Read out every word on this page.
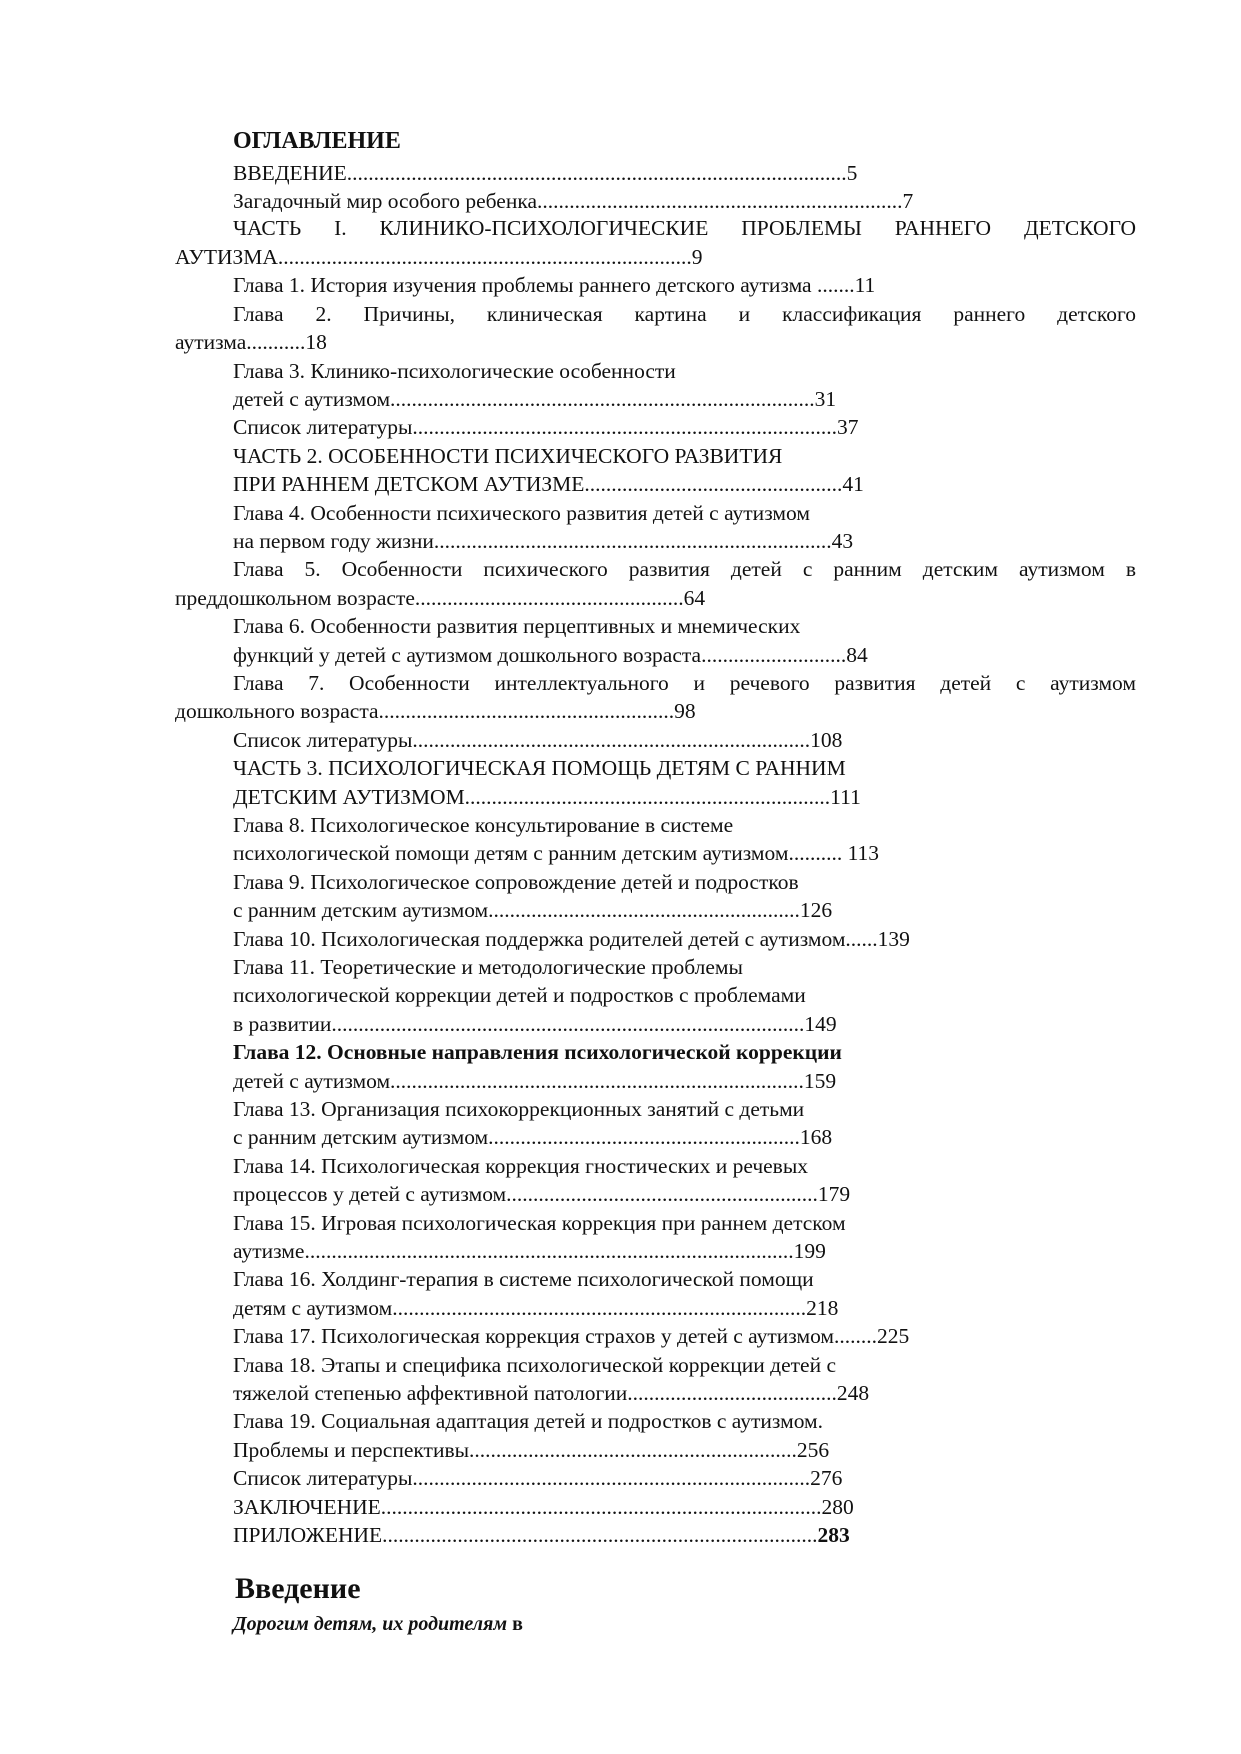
ОГЛАВЛЕНИЕ
ВВЕДЕНИЕ.............................................................................................5
Загадочный мир особого ребенка....................................................................7
ЧАСТЬ I. КЛИНИКО-ПСИХОЛОГИЧЕСКИЕ ПРОБЛЕМЫ РАННЕГО ДЕТСКОГО
АУТИЗМА.............................................................................9
Глава 1. История изучения проблемы раннего детского аутизма .......11
Глава 2. Причины, клиническая картина и классификация раннего детского
аутизма...........18
Глава 3. Клинико-психологические особенности
детей с аутизмом...............................................................................31
Список литературы...............................................................................37
ЧАСТЬ 2. ОСОБЕННОСТИ ПСИХИЧЕСКОГО РАЗВИТИЯ
ПРИ РАННЕМ ДЕТСКОМ АУТИЗМЕ................................................41
Глава 4. Особенности психического развития детей с аутизмом
на первом году жизни..........................................................................43
Глава 5. Особенности психического развития детей с ранним детским аутизмом в
преддошкольном возрасте..................................................64
Глава 6. Особенности развития перцептивных и мнемических
функций у детей с аутизмом дошкольного возраста...........................84
Глава 7. Особенности интеллектуального и речевого развития детей с аутизмом
дошкольного возраста.......................................................98
Список литературы..........................................................................108
ЧАСТЬ 3. ПСИХОЛОГИЧЕСКАЯ ПОМОЩЬ ДЕТЯМ С РАННИМ
ДЕТСКИМ АУТИЗМОМ....................................................................111
Глава 8. Психологическое консультирование в системе
психологической помощи детям с ранним детским аутизмом.......... 113
Глава 9. Психологическое сопровождение детей и подростков
с ранним детским аутизмом..........................................................126
Глава 10. Психологическая поддержка родителей детей с аутизмом......139
Глава 11. Теоретические и методологические проблемы
психологической коррекции детей и подростков с проблемами
в развитии........................................................................................149
Глава 12. Основные направления психологической коррекции
детей с аутизмом.............................................................................159
Глава 13. Организация психокоррекционных занятий с детьми
с ранним детским аутизмом..........................................................168
Глава 14. Психологическая коррекция гностических и речевых
процессов у детей с аутизмом..........................................................179
Глава 15. Игровая психологическая коррекция при раннем детском
аутизме...........................................................................................199
Глава 16. Холдинг-терапия в системе психологической помощи
детям с аутизмом.............................................................................218
Глава 17. Психологическая коррекция страхов у детей с аутизмом........225
Глава 18. Этапы и специфика психологической коррекции детей с
тяжелой степенью аффективной патологии.......................................248
Глава 19. Социальная адаптация детей и подростков с аутизмом.
Проблемы и перспективы.............................................................256
Список литературы..........................................................................276
ЗАКЛЮЧЕНИЕ..................................................................................280
ПРИЛОЖЕНИЕ.................................................................................283
Введение
Дорогим детям, их родителям в
